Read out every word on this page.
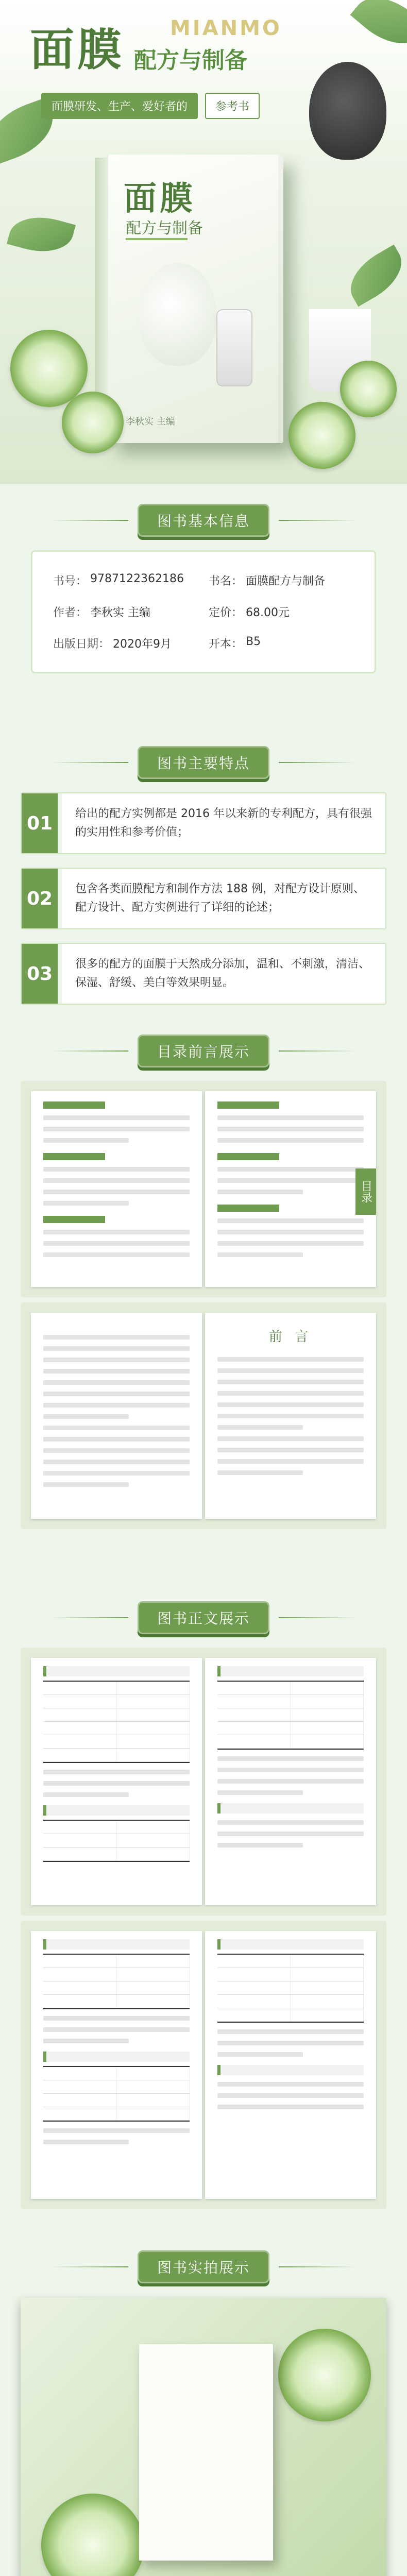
MIANMO
面膜 配方与制备
面膜研发、生产、爱好者的	参考书
面膜
配方与制备
李秋实 主编
图书基本信息
书号： 9787122362186 书名： 面膜配方与制备
作者： 李秋实 主编	定价： 68.00元
出版日期： 2020年9月	开本： B5
图书主要特点
01	给出的配方实例都是 2016 年以来新的专利配方，具有很强的实用性和参考价值；
02	包含各类面膜配方和制作方法 188 例，对配方设计原则、配方设计、配方实例进行了详细的论述；
03	很多的配方的面膜于天然成分添加，温和、不刺激，清洁、保湿、舒缓、美白等效果明显。
目录前言展示
目录
前 言
图书正文展示
图书实拍展示
